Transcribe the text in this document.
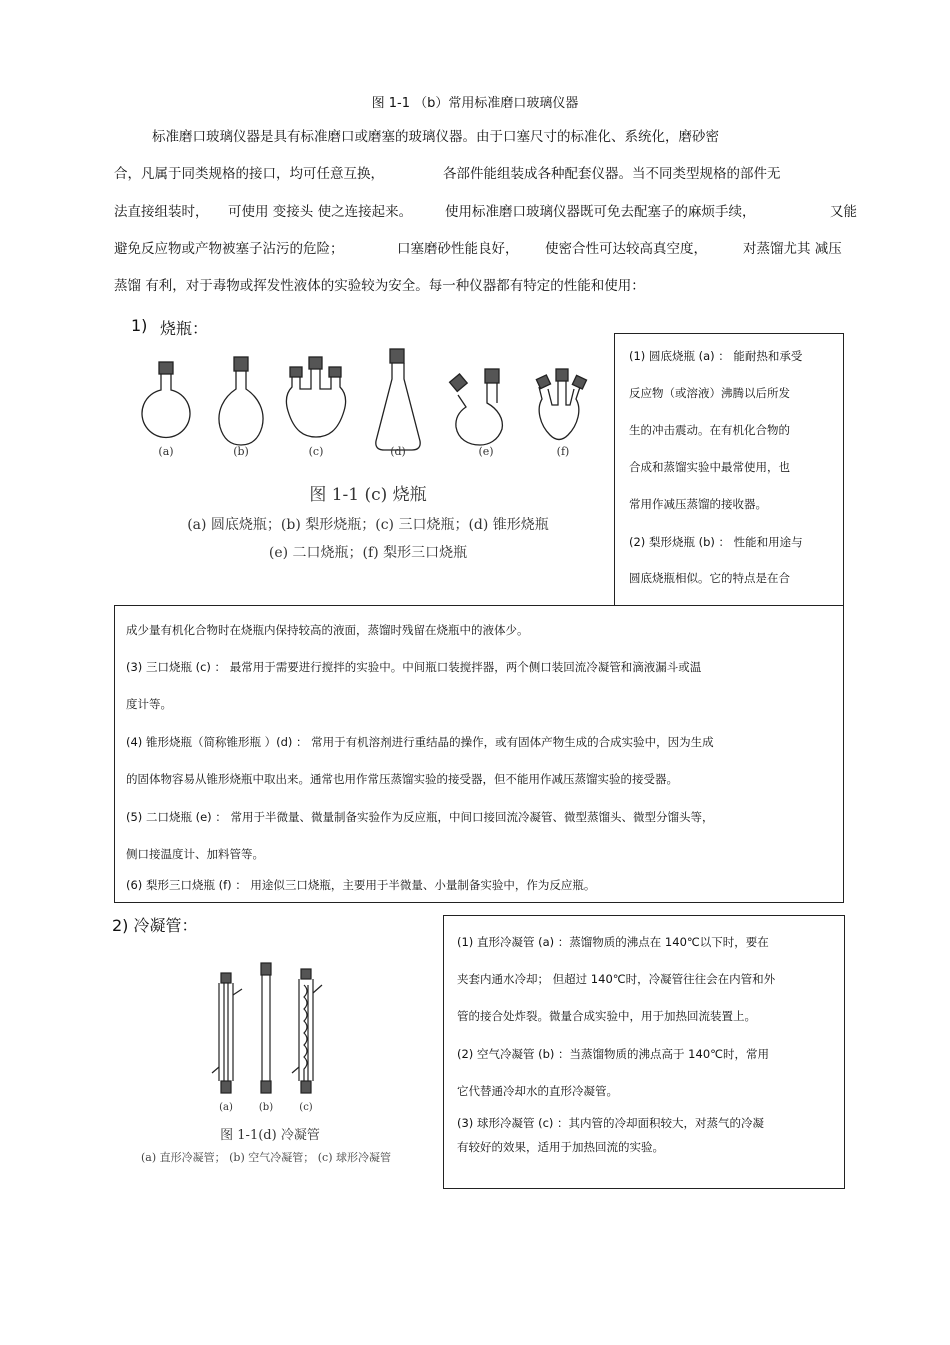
图 1-1 （b）常用标准磨口玻璃仪器
标准磨口玻璃仪器是具有标准磨口或磨塞的玻璃仪器。由于口塞尺寸的标准化、系统化，磨砂密
合，凡属于同类规格的接口，均可任意互换，	各部件能组装成各种配套仪器。当不同类型规格的部件无
法直接组装时， 可使用 变接头 使之连接起来。 使用标准磨口玻璃仪器既可免去配塞子的麻烦手续，	又能
避免反应物或产物被塞子沾污的危险；	口塞磨砂性能良好， 使密合性可达较高真空度，	对蒸馏尤其 减压
蒸馏 有利，对于毒物或挥发性液体的实验较为安全。每一种仪器都有特定的性能和使用：
1) 烧瓶：
(a)	(b)	(c)	(d)	(e)	(f)
图 1-1 (c) 烧瓶
(a) 圆底烧瓶；(b) 梨形烧瓶；(c) 三口烧瓶；(d) 锥形烧瓶
(e) 二口烧瓶；(f) 梨形三口烧瓶
(1) 圆底烧瓶 (a) ： 能耐热和承受
反应物（或溶液）沸腾以后所发
生的冲击震动。在有机化合物的
合成和蒸馏实验中最常使用，也
常用作减压蒸馏的接收器。
(2) 梨形烧瓶 (b) ： 性能和用途与
圆底烧瓶相似。它的特点是在合
成少量有机化合物时在烧瓶内保持较高的液面，蒸馏时残留在烧瓶中的液体少。
(3) 三口烧瓶 (c) ： 最常用于需要进行搅拌的实验中。中间瓶口装搅拌器，两个侧口装回流冷凝管和滴液漏斗或温
度计等。
(4) 锥形烧瓶（简称锥形瓶 ）(d) ： 常用于有机溶剂进行重结晶的操作，或有固体产物生成的合成实验中，因为生成
的固体物容易从锥形烧瓶中取出来。通常也用作常压蒸馏实验的接受器，但不能用作减压蒸馏实验的接受器。
(5) 二口烧瓶 (e) ： 常用于半微量、微量制备实验作为反应瓶，中间口接回流冷凝管、微型蒸馏头、微型分馏头等，
侧口接温度计、加料管等。
(6) 梨形三口烧瓶 (f) ： 用途似三口烧瓶，主要用于半微量、小量制备实验中，作为反应瓶。
2) 冷凝管：
(a)	(b)	(c)
图 1-1(d) 冷凝管
(a) 直形冷凝管； (b) 空气冷凝管； (c) 球形冷凝管
(1) 直形冷凝管 (a) ：蒸馏物质的沸点在 140℃以下时，要在
夹套内通水冷却； 但超过 140℃时，冷凝管往往会在内管和外
管的接合处炸裂。微量合成实验中，用于加热回流装置上。
(2) 空气冷凝管 (b) ：当蒸馏物质的沸点高于 140℃时，常用
它代替通冷却水的直形冷凝管。
(3) 球形冷凝管 (c) ：其内管的冷却面积较大，对蒸气的冷凝
有较好的效果，适用于加热回流的实验。
